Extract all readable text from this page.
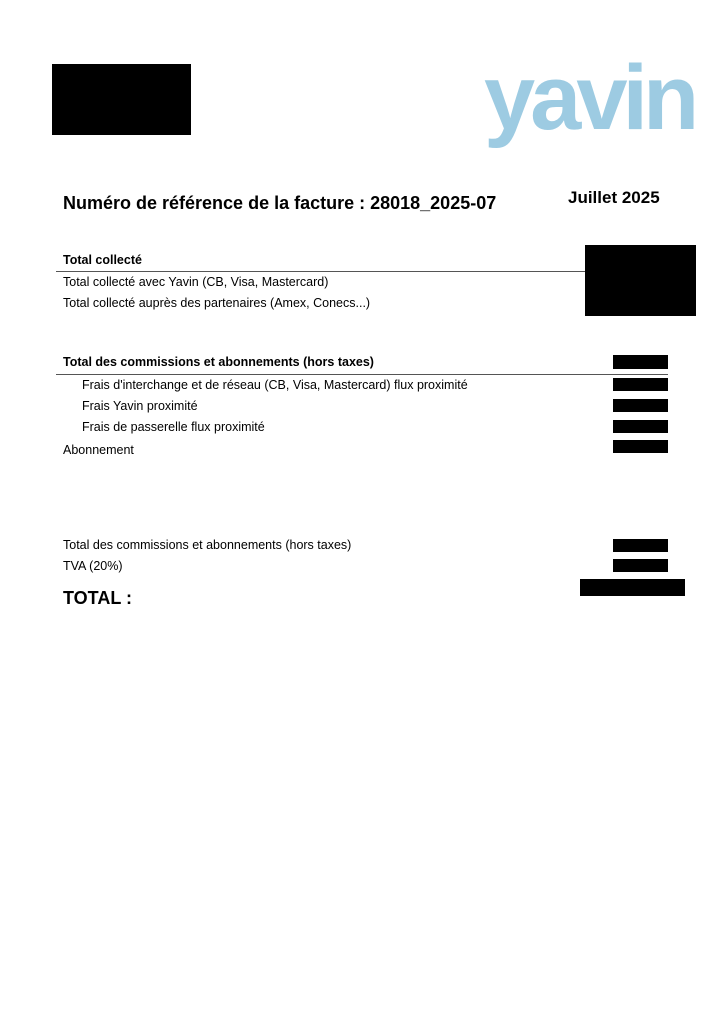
yavin
Numéro de référence de la facture : 28018_2025-07	Juillet 2025
Total collecté
Total collecté avec Yavin (CB, Visa, Mastercard)
Total collecté auprès des partenaires (Amex, Conecs...)
Total des commissions et abonnements (hors taxes)
Frais d'interchange et de réseau (CB, Visa, Mastercard) flux proximité
Frais Yavin proximité
Frais de passerelle flux proximité
Abonnement
Total des commissions et abonnements (hors taxes)
TVA (20%)
TOTAL :
